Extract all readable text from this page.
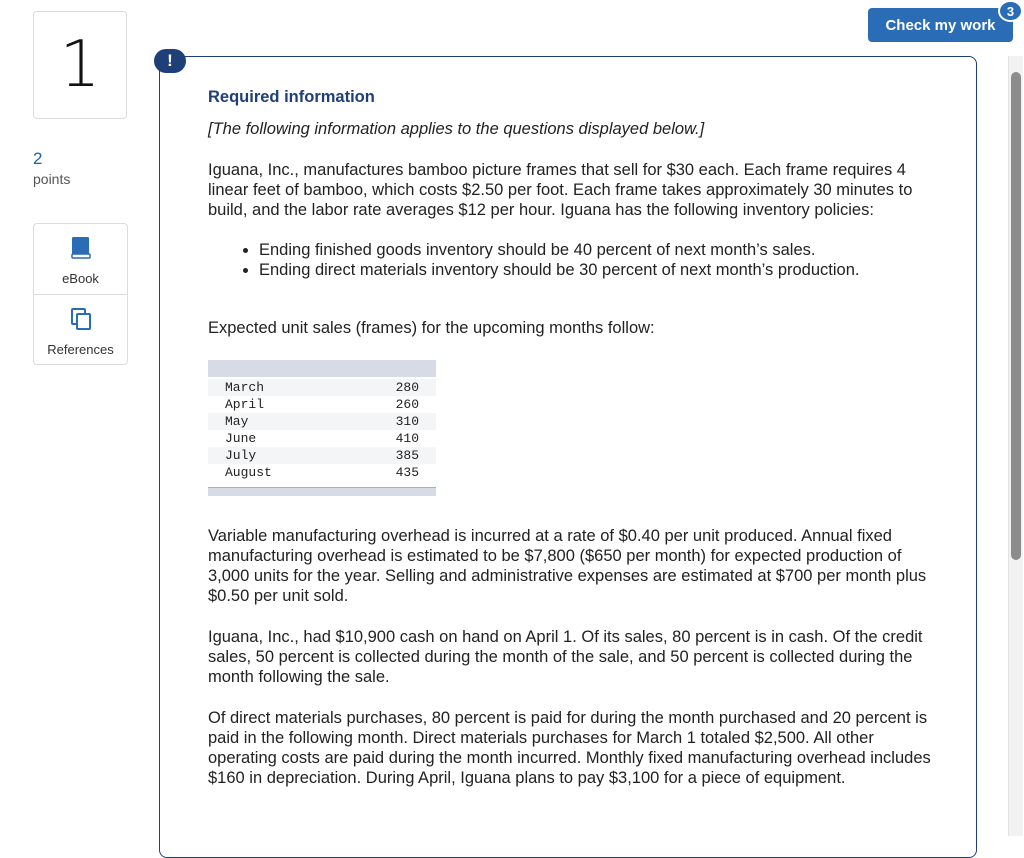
1
2
points
eBook
References
Check my work
3
!

Required information

[The following information applies to the questions displayed below.]
Iguana, Inc., manufactures bamboo picture frames that sell for $30 each. Each frame requires 4 linear feet of bamboo, which costs $2.50 per foot. Each frame takes approximately 30 minutes to build, and the labor rate averages $12 per hour. Iguana has the following inventory policies:
• Ending finished goods inventory should be 40 percent of next month’s sales.
• Ending direct materials inventory should be 30 percent of next month’s production.
Expected unit sales (frames) for the upcoming months follow:
March	280
April	260
May	310
June	410
July	385
August	435
Variable manufacturing overhead is incurred at a rate of $0.40 per unit produced. Annual fixed manufacturing overhead is estimated to be $7,800 ($650 per month) for expected production of 3,000 units for the year. Selling and administrative expenses are estimated at $700 per month plus $0.50 per unit sold.
Iguana, Inc., had $10,900 cash on hand on April 1. Of its sales, 80 percent is in cash. Of the credit sales, 50 percent is collected during the month of the sale, and 50 percent is collected during the month following the sale.
Of direct materials purchases, 80 percent is paid for during the month purchased and 20 percent is paid in the following month. Direct materials purchases for March 1 totaled $2,500. All other operating costs are paid during the month incurred. Monthly fixed manufacturing overhead includes $160 in depreciation. During April, Iguana plans to pay $3,100 for a piece of equipment.
